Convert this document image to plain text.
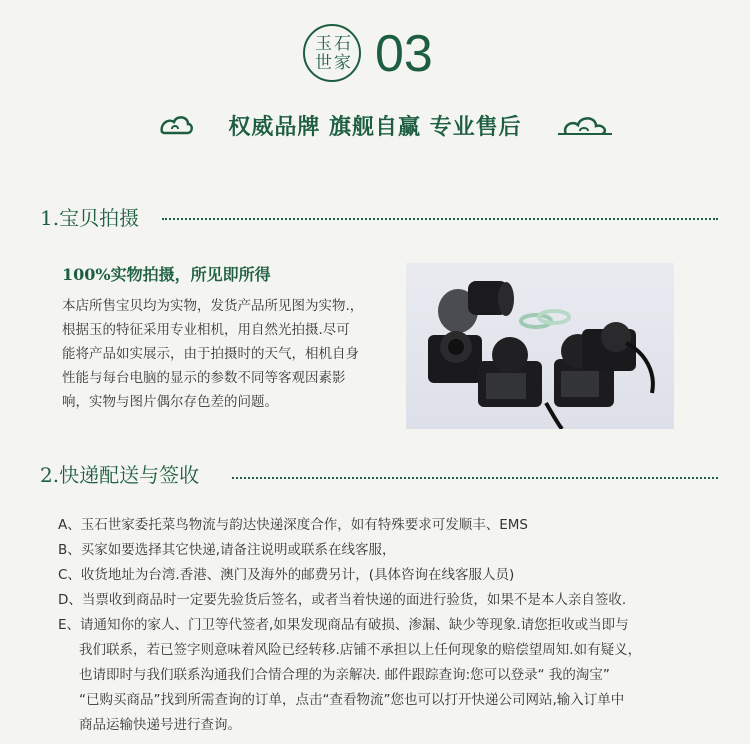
玉 石
世 家 03
权威品牌 旗舰自赢 专业售后
1.宝贝拍摄
100%实物拍摄，所见即所得
本店所售宝贝均为实物，发货产品所见图为实物.，
根据玉的特征采用专业相机，用自然光拍摄.尽可
能将产品如实展示，由于拍摄时的天气，相机自身
性能与每台电脑的显示的参数不同等客观因素影
响，实物与图片偶尔存色差的问题。
2.快递配送与签收
A、玉石世家委托菜鸟物流与韵达快递深度合作，如有特殊要求可发顺丰、EMS
B、买家如要选择其它快递,请备注说明或联系在线客服，
C、收货地址为台湾.香港、澳门及海外的邮费另计，(具体咨询在线客服人员)
D、当票收到商品时一定要先验货后签名，或者当着快递的面进行验货，如果不是本人亲自签收.
E、请通知你的家人、门卫等代签者,如果发现商品有破损、渗漏、缺少等现象.请您拒收或当即与
我们联系，若已签字则意味着风险已经转移.店铺不承担以上任何现象的赔偿望周知.如有疑义，
也请即时与我们联系沟通我们合情合理的为亲解决. 邮件跟踪查询:您可以登录“ 我的淘宝”
“已购买商品”找到所需查询的订单，点击“查看物流”您也可以打开快递公司网站,输入订单中
商品运输快递号进行查询。
